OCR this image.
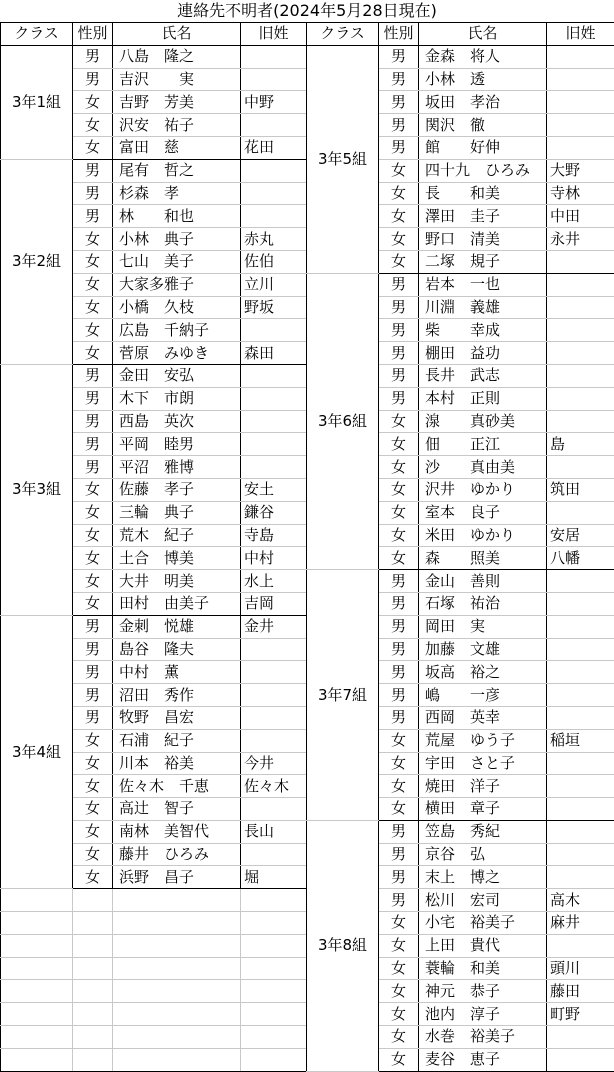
連絡先不明者(2024年5月28日現在)
クラス	性別	氏名	旧姓
3年1組	男	八島　隆之	
	男	吉沢　　実	
	女	吉野　芳美	中野
	女	沢安　祐子	
	女	富田　慈	花田
3年2組	男	尾有　哲之	
	男	杉森　孝	
	男	林　　和也	
	女	小林　典子	赤丸
	女	七山　美子	佐伯
	女	大家多雅子	立川
	女	小橋　久枝	野坂
	女	広島　千納子	
	女	菅原　みゆき	森田
3年3組	男	金田　安弘	
	男	木下　市朗	
	男	西島　英次	
	男	平岡　睦男	
	男	平沼　雅博	
	女	佐藤　孝子	安土
	女	三輪　典子	鎌谷
	女	荒木　紀子	寺島
	女	土合　博美	中村
	女	大井　明美	水上
	女	田村　由美子	吉岡
3年4組	男	金刺　悦雄	金井
	男	島谷　隆夫	
	男	中村　薫	
	男	沼田　秀作	
	男	牧野　昌宏	
	女	石浦　紀子	
	女	川本　裕美	今井
	女	佐々木　千恵	佐々木
	女	高辻　智子	
	女	南林　美智代	長山
	女	藤井　ひろみ	
	女	浜野　昌子	堀

クラス	性別	氏名	旧姓
3年5組	男	金森　将人	
	男	小林　透	
	男	坂田　孝治	
	男	関沢　徹	
	男	館　　好伸	
	女	四十九　ひろみ	大野
	女	長　　和美	寺林
	女	澤田　圭子	中田
	女	野口　清美	永井
	女	二塚　規子	
3年6組	男	岩本　一也	
	男	川淵　義雄	
	男	柴　　幸成	
	男	棚田　益功	
	男	長井　武志	
	男	本村　正則	
	女	湶　　真砂美	
	女	佃　　正江	島
	女	沙　　真由美	
	女	沢井　ゆかり	筑田
	女	室本　良子	
	女	米田　ゆかり	安居
	女	森　　照美	八幡
3年7組	男	金山　善則	
	男	石塚　祐治	
	男	岡田　実	
	男	加藤　文雄	
	男	坂高　裕之	
	男	嶋　　一彦	
	男	西岡　英幸	
	女	荒屋　ゆう子	稲垣
	女	宇田　さと子	
	女	焼田　洋子	
	女	横田　章子	
3年8組	男	笠島　秀紀	
	男	京谷　弘	
	男	末上　博之	
	男	松川　宏司	高木
	女	小宅　裕美子	麻井
	女	上田　貴代	
	女	蓑輪　和美	頭川
	女	神元　恭子	藤田
	女	池内　淳子	町野
	女	水巻　裕美子	
	女	麦谷　恵子	
